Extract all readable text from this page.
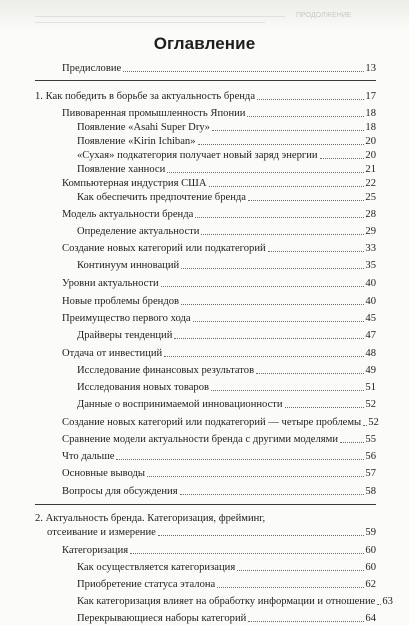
ПРОДОЛЖЕНИЕ
Оглавление
Предисловие	13
1. Как победить в борьбе за актуальность бренда	17
Пивоваренная промышленность Японии	18
Появление «Asahi Super Dry»	18
Появление «Kirin Ichiban»	20
«Сухая» подкатегория получает новый заряд энергии	20
Появление ханноси	21
Компьютерная индустрия США	22
Как обеспечить предпочтение бренда	25
Модель актуальности бренда	28
Определение актуальности	29
Создание новых категорий или подкатегорий	33
Континуум инноваций	35
Уровни актуальности	40
Новые проблемы брендов	40
Преимущество первого хода	45
Драйверы тенденций	47
Отдача от инвестиций	48
Исследование финансовых результатов	49
Исследования новых товаров	51
Данные о воспринимаемой инновационности	52
Создание новых категорий или подкатегорий — четыре проблемы 52
Сравнение модели актуальности бренда с другими моделями	55
Что дальше	56
Основные выводы	57
Вопросы для обсуждения	58
2. Актуальность бренда. Категоризация, фрейминг,
отсеивание и измерение	59
Категоризация	60
Как осуществляется категоризация	60
Приобретение статуса эталона	62
Как категоризация влияет на обработку информации и отношение 63
Перекрывающиеся наборы категорий	64
